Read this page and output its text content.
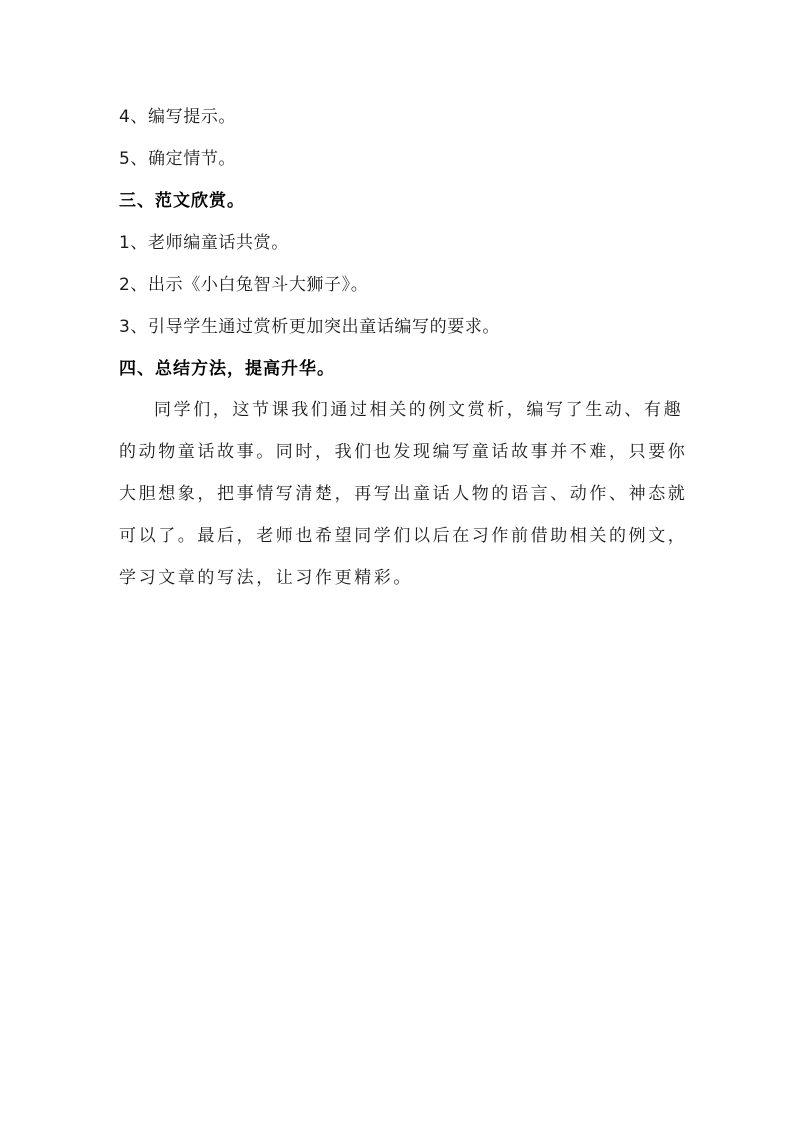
4、编写提示。
5、确定情节。
三、范文欣赏。
1、老师编童话共赏。
2、出示《小白兔智斗大狮子》。
3、引导学生通过赏析更加突出童话编写的要求。
四、总结方法，提高升华。
同学们，这节课我们通过相关的例文赏析，编写了生动、有趣
的动物童话故事。同时，我们也发现编写童话故事并不难，只要你
大胆想象，把事情写清楚，再写出童话人物的语言、动作、神态就
可以了。最后，老师也希望同学们以后在习作前借助相关的例文，
学习文章的写法，让习作更精彩。
